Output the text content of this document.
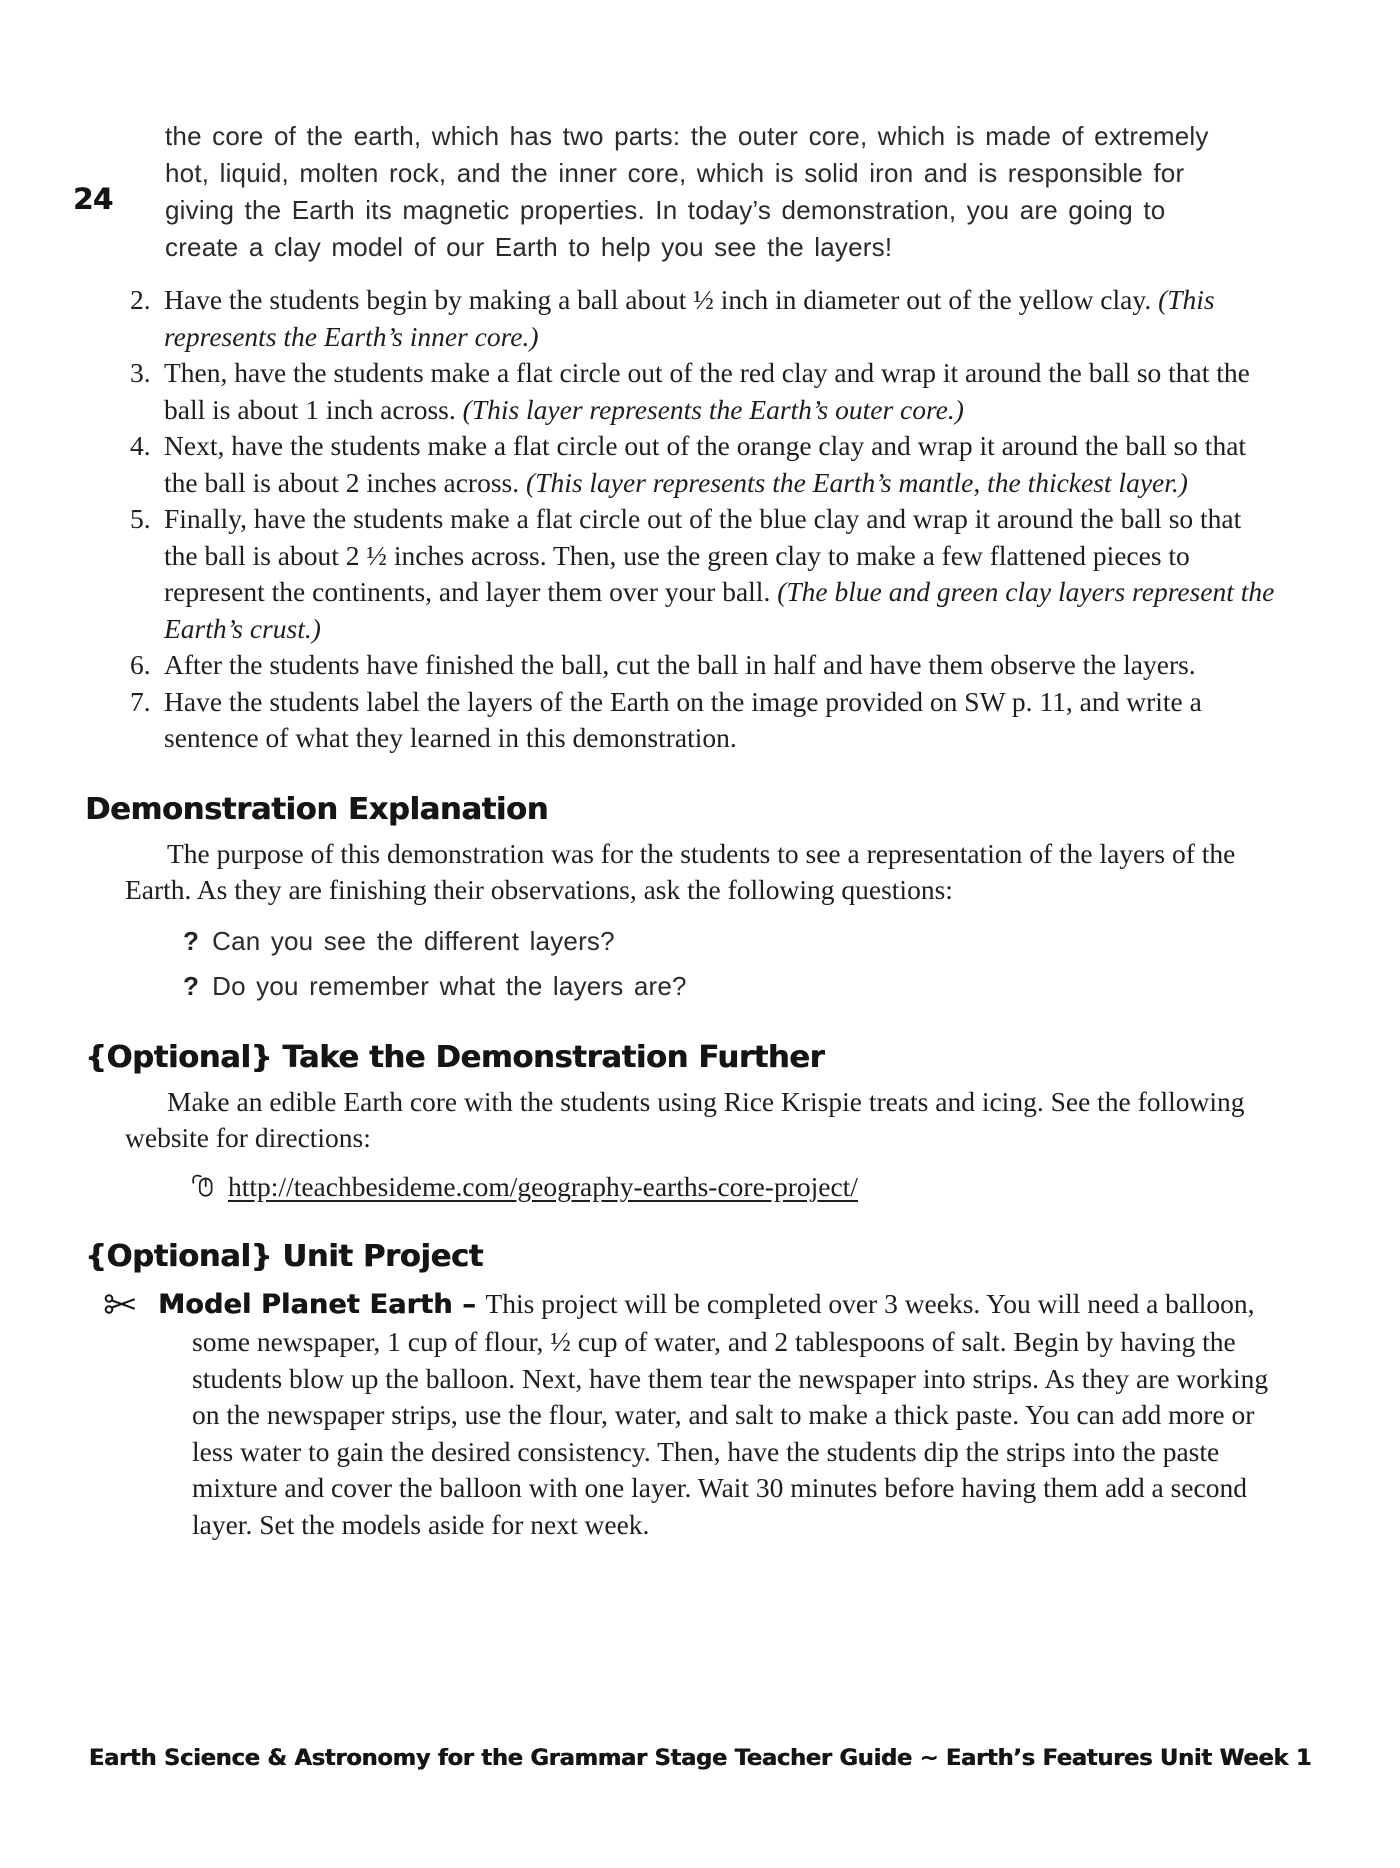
24

the core of the earth, which has two parts: the outer core, which is made of extremely hot, liquid, molten rock, and the inner core, which is solid iron and is responsible for giving the Earth its magnetic properties. In today’s demonstration, you are going to create a clay model of our Earth to help you see the layers!

2. Have the students begin by making a ball about ½ inch in diameter out of the yellow clay. (This represents the Earth’s inner core.)
3. Then, have the students make a flat circle out of the red clay and wrap it around the ball so that the ball is about 1 inch across. (This layer represents the Earth’s outer core.)
4. Next, have the students make a flat circle out of the orange clay and wrap it around the ball so that the ball is about 2 inches across. (This layer represents the Earth’s mantle, the thickest layer.)
5. Finally, have the students make a flat circle out of the blue clay and wrap it around the ball so that the ball is about 2 ½ inches across. Then, use the green clay to make a few flattened pieces to represent the continents, and layer them over your ball. (The blue and green clay layers represent the Earth’s crust.)
6. After the students have finished the ball, cut the ball in half and have them observe the layers.
7. Have the students label the layers of the Earth on the image provided on SW p. 11, and write a sentence of what they learned in this demonstration.
Demonstration Explanation

The purpose of this demonstration was for the students to see a representation of the layers of the Earth. As they are finishing their observations, ask the following questions:

? Can you see the different layers?
? Do you remember what the layers are?
{Optional} Take the Demonstration Further

Make an edible Earth core with the students using Rice Krispie treats and icing. See the following website for directions:

http://teachbesideme.com/geography-earths-core-project/
{Optional} Unit Project

Model Planet Earth – This project will be completed over 3 weeks. You will need a balloon, some newspaper, 1 cup of flour, ½ cup of water, and 2 tablespoons of salt. Begin by having the students blow up the balloon. Next, have them tear the newspaper into strips. As they are working on the newspaper strips, use the flour, water, and salt to make a thick paste. You can add more or less water to gain the desired consistency. Then, have the students dip the strips into the paste mixture and cover the balloon with one layer. Wait 30 minutes before having them add a second layer. Set the models aside for next week.

Earth Science & Astronomy for the Grammar Stage Teacher Guide ~ Earth’s Features Unit Week 1
